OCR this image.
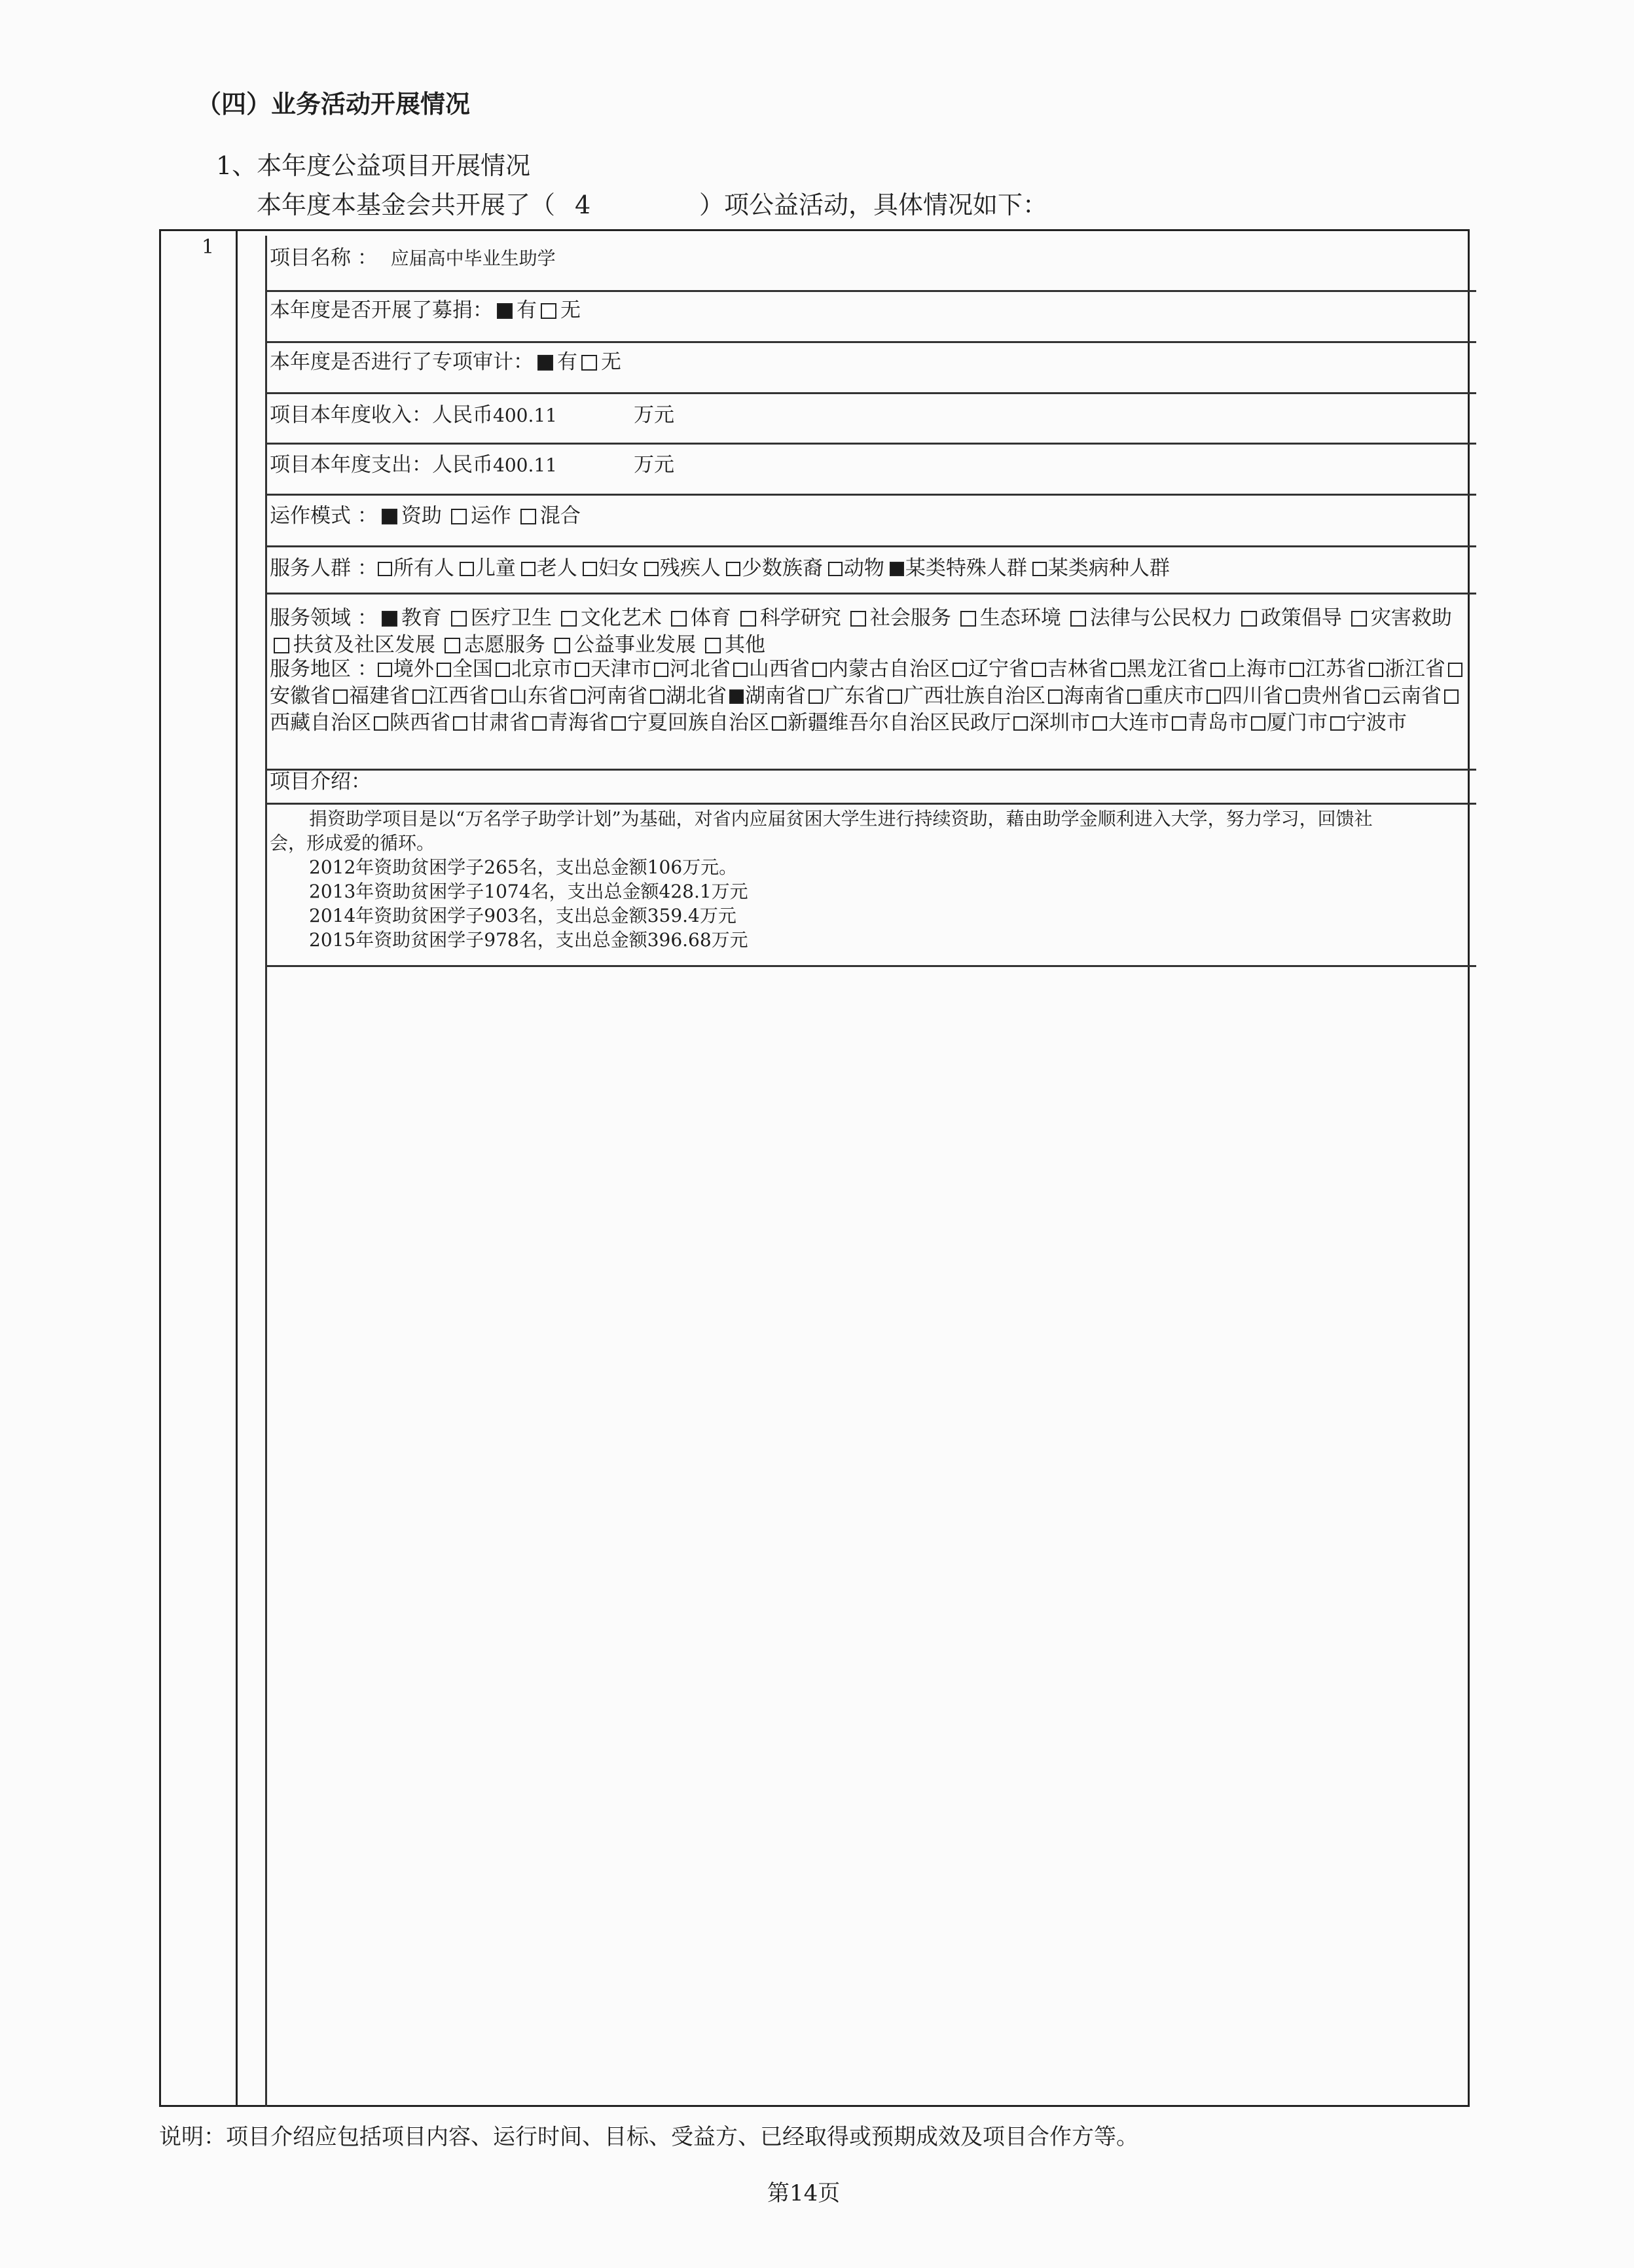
（四）业务活动开展情况
1、本年度公益项目开展情况
本年度本基金会共开展了（ 4	）项公益活动，具体情况如下：
1	项目名称 ： 应届高中毕业生助学
本年度是否开展了募捐： 有 无
本年度是否进行了专项审计： 有 无
项目本年度收入：人民币400.11	万元
项目本年度支出：人民币400.11	万元
运作模式 ： 资助 运作 混合
服务人群 ： 所有人 儿童 老人 妇女 残疾人 少数族裔 动物 某类特殊人群 某类病种人群
服务领域 ： 教育 医疗卫生 文化艺术 体育 科学研究 社会服务 生态环境 法律与公民权力 政策倡导 灾害救助扶贫及社区发展 志愿服务 公益事业发展 其他
服务地区 ： 境外 全国 北京市 天津市 河北省 山西省 内蒙古自治区 辽宁省 吉林省 黑龙江省 上海市 江苏省 浙江省安徽省 福建省 江西省 山东省 河南省 湖北省 湖南省 广东省 广西壮族自治区 海南省 重庆市 四川省 贵州省 云南省西藏自治区 陕西省 甘肃省 青海省 宁夏回族自治区 新疆维吾尔自治区民政厅 深圳市 大连市 青岛市 厦门市 宁波市
项目介绍：
捐资助学项目是以“万名学子助学计划”为基础，对省内应届贫困大学生进行持续资助，藉由助学金顺利进入大学，努力学习，回馈社会，形成爱的循环。
2012年资助贫困学子265名，支出总金额106万元。
2013年资助贫困学子1074名，支出总金额428.1万元
2014年资助贫困学子903名，支出总金额359.4万元
2015年资助贫困学子978名，支出总金额396.68万元
说明：项目介绍应包括项目内容、运行时间、目标、受益方、已经取得或预期成效及项目合作方等。
第14页
